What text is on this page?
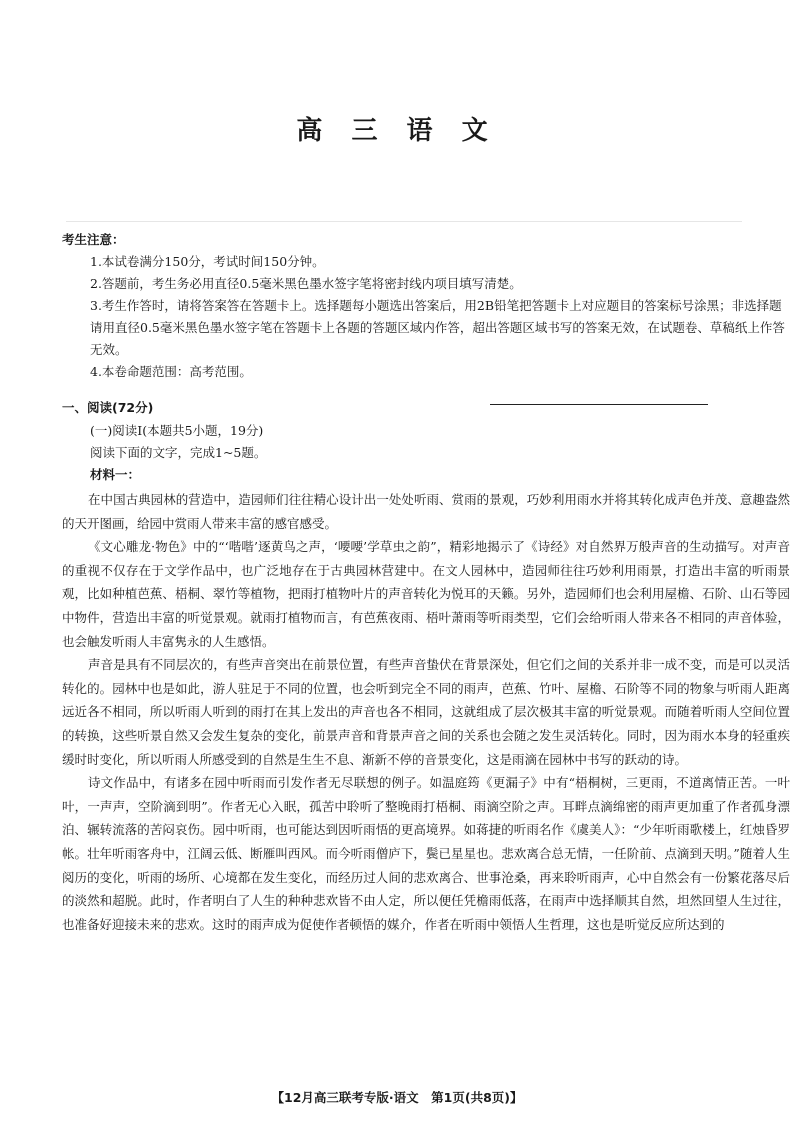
高 三 语 文
考生注意：

1.本试卷满分150分，考试时间150分钟。

2.答题前，考生务必用直径0.5毫米黑色墨水签字笔将密封线内项目填写清楚。

3.考生作答时，请将答案答在答题卡上。选择题每小题选出答案后，用2B铅笔把答题卡上对应题目的答案标号涂黑；非选择题请用直径0.5毫米黑色墨水签字笔在答题卡上各题的答题区域内作答，超出答题区域书写的答案无效，在试题卷、草稿纸上作答无效。

4.本卷命题范围：高考范围。

一、阅读(72分)
(一)阅读Ⅰ(本题共5小题，19分)
阅读下面的文字，完成1~5题。
材料一：

在中国古典园林的营造中，造园师们往往精心设计出一处处听雨、赏雨的景观，巧妙利用雨水并将其转化成声色并茂、意趣盎然的天开图画，给园中赏雨人带来丰富的感官感受。

《文心雕龙·物色》中的“‘喈喈’逐黄鸟之声，‘喓喓’学草虫之韵”，精彩地揭示了《诗经》对自然界万般声音的生动描写。对声音的重视不仅存在于文学作品中，也广泛地存在于古典园林营建中。在文人园林中，造园师往往巧妙利用雨景，打造出丰富的听雨景观，比如种植芭蕉、梧桐、翠竹等植物，把雨打植物叶片的声音转化为悦耳的天籁。另外，造园师们也会利用屋檐、石阶、山石等园中物件，营造出丰富的听觉景观。就雨打植物而言，有芭蕉夜雨、梧叶萧雨等听雨类型，它们会给听雨人带来各不相同的声音体验，也会触发听雨人丰富隽永的人生感悟。

声音是具有不同层次的，有些声音突出在前景位置，有些声音蛰伏在背景深处，但它们之间的关系并非一成不变，而是可以灵活转化的。园林中也是如此，游人驻足于不同的位置，也会听到完全不同的雨声，芭蕉、竹叶、屋檐、石阶等不同的物象与听雨人距离远近各不相同，所以听雨人听到的雨打在其上发出的声音也各不相同，这就组成了层次极其丰富的听觉景观。而随着听雨人空间位置的转换，这些听景自然又会发生复杂的变化，前景声音和背景声音之间的关系也会随之发生灵活转化。同时，因为雨水本身的轻重疾缓时时变化，所以听雨人所感受到的自然是生生不息、渐新不停的音景变化，这是雨滴在园林中书写的跃动的诗。

诗文作品中，有诸多在园中听雨而引发作者无尽联想的例子。如温庭筠《更漏子》中有“梧桐树，三更雨，不道离情正苦。一叶叶，一声声，空阶滴到明”。作者无心入眠，孤苦中聆听了整晚雨打梧桐、雨滴空阶之声。耳畔点滴绵密的雨声更加重了作者孤身漂泊、辗转流落的苦闷哀伤。园中听雨，也可能达到因听雨悟的更高境界。如蒋捷的听雨名作《虞美人》：“少年听雨歌楼上，红烛昏罗帐。壮年听雨客舟中，江阔云低、断雁叫西风。而今听雨僧庐下，鬓已星星也。悲欢离合总无情，一任阶前、点滴到天明。”随着人生阅历的变化，听雨的场所、心境都在发生变化，而经历过人间的悲欢离合、世事沧桑，再来聆听雨声，心中自然会有一份繁花落尽后的淡然和超脱。此时，作者明白了人生的种种悲欢皆不由人定，所以便任凭檐雨低落，在雨声中选择顺其自然，坦然回望人生过往，也准备好迎接未来的悲欢。这时的雨声成为促使作者顿悟的媒介，作者在听雨中领悟人生哲理，这也是听觉反应所达到的

【12月高三联考专版·语文　第1页(共8页)】
